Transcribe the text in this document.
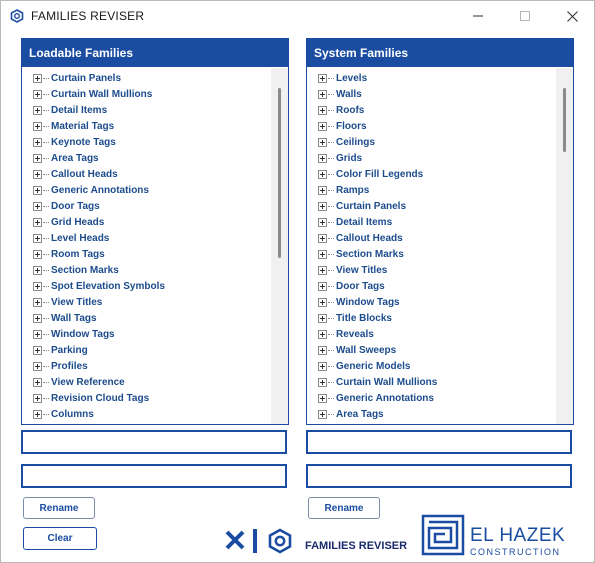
FAMILIES REVISER
Loadable Families
Curtain Panels
Curtain Wall Mullions
Detail Items
Material Tags
Keynote Tags
Area Tags
Callout Heads
Generic Annotations
Door Tags
Grid Heads
Level Heads
Room Tags
Section Marks
Spot Elevation Symbols
View Titles
Wall Tags
Window Tags
Parking
Profiles
View Reference
Revision Cloud Tags
Columns
System Families
Levels
Walls
Roofs
Floors
Ceilings
Grids
Color Fill Legends
Ramps
Curtain Panels
Detail Items
Callout Heads
Section Marks
View Titles
Door Tags
Window Tags
Title Blocks
Reveals
Wall Sweeps
Generic Models
Curtain Wall Mullions
Generic Annotations
Area Tags
Rename	Rename
Clear
FAMILIES REVISER	EL HAZEK
CONSTRUCTION
